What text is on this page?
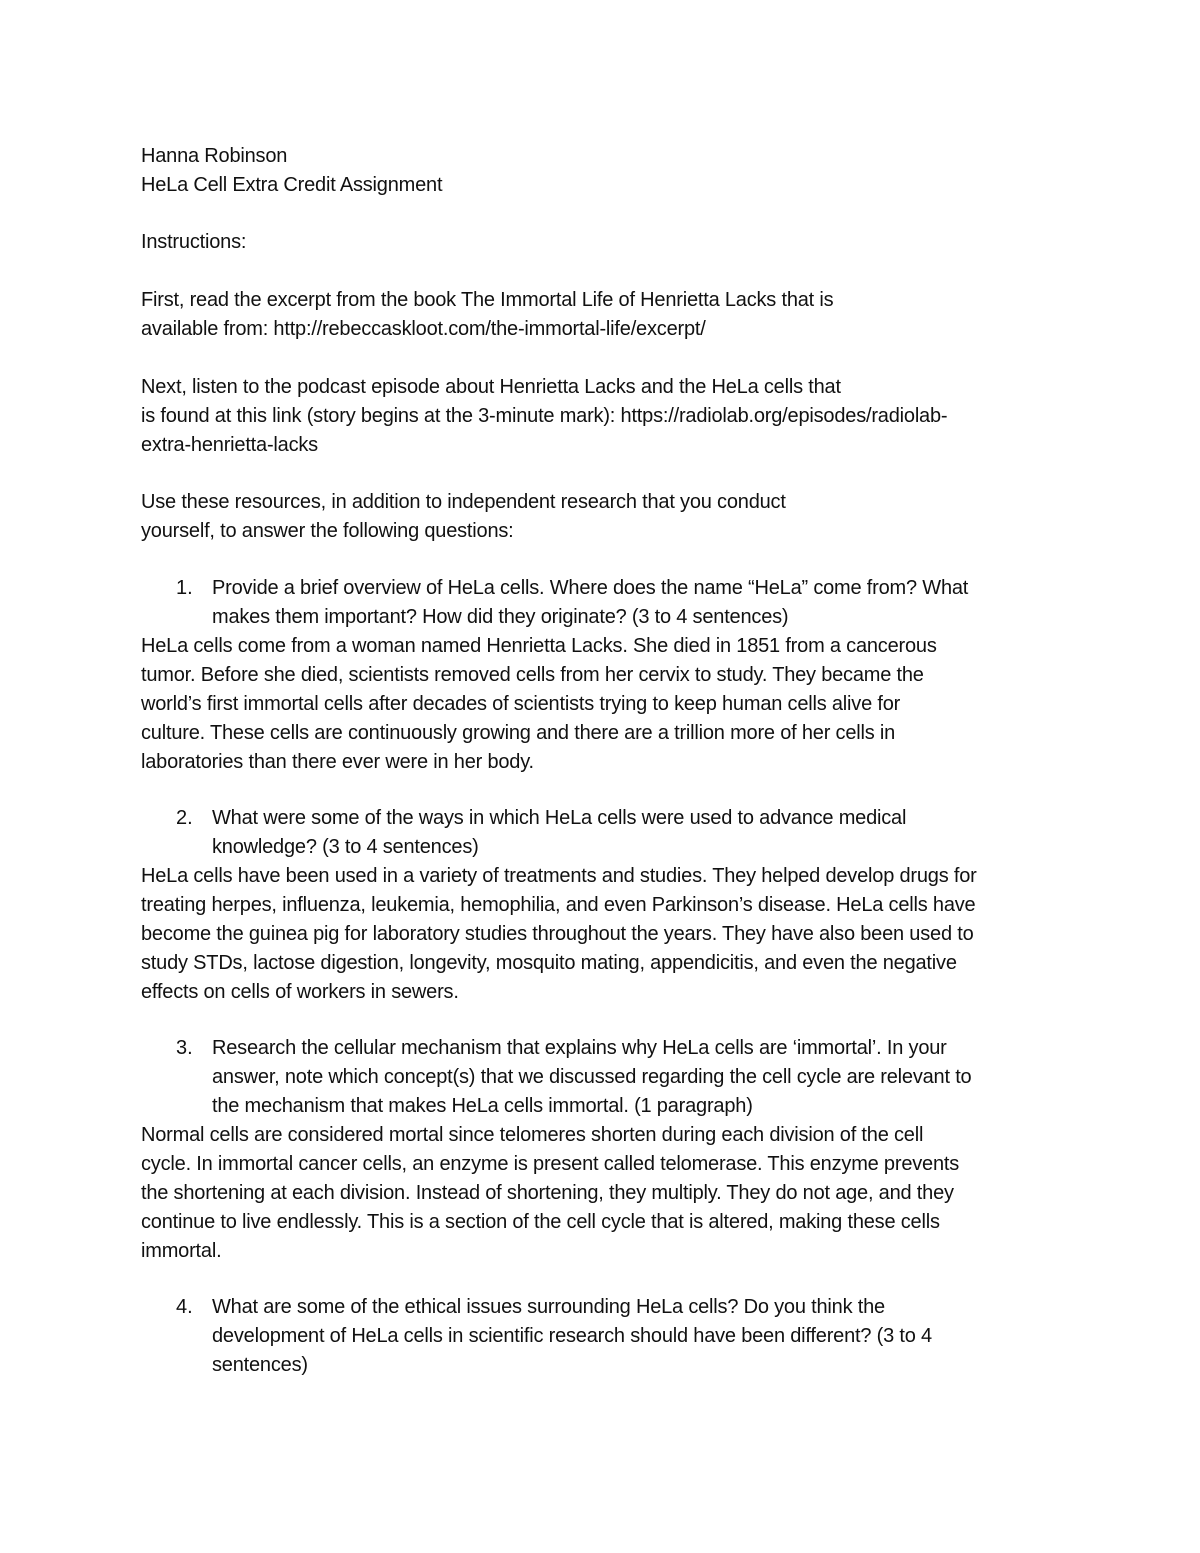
Hanna Robinson
HeLa Cell Extra Credit Assignment
Instructions:
First, read the excerpt from the book The Immortal Life of Henrietta Lacks that is
available from: http://rebeccaskloot.com/the-immortal-life/excerpt/
Next, listen to the podcast episode about Henrietta Lacks and the HeLa cells that
is found at this link (story begins at the 3-minute mark): https://radiolab.org/episodes/radiolab-
extra-henrietta-lacks
Use these resources, in addition to independent research that you conduct
yourself, to answer the following questions:
1. Provide a brief overview of HeLa cells. Where does the name “HeLa” come from? What
makes them important? How did they originate? (3 to 4 sentences)
HeLa cells come from a woman named Henrietta Lacks. She died in 1851 from a cancerous
tumor. Before she died, scientists removed cells from her cervix to study. They became the
world’s first immortal cells after decades of scientists trying to keep human cells alive for
culture. These cells are continuously growing and there are a trillion more of her cells in
laboratories than there ever were in her body.
2. What were some of the ways in which HeLa cells were used to advance medical
knowledge? (3 to 4 sentences)
HeLa cells have been used in a variety of treatments and studies. They helped develop drugs for
treating herpes, influenza, leukemia, hemophilia, and even Parkinson’s disease. HeLa cells have
become the guinea pig for laboratory studies throughout the years. They have also been used to
study STDs, lactose digestion, longevity, mosquito mating, appendicitis, and even the negative
effects on cells of workers in sewers.
3. Research the cellular mechanism that explains why HeLa cells are ‘immortal’. In your
answer, note which concept(s) that we discussed regarding the cell cycle are relevant to
the mechanism that makes HeLa cells immortal. (1 paragraph)
Normal cells are considered mortal since telomeres shorten during each division of the cell
cycle. In immortal cancer cells, an enzyme is present called telomerase. This enzyme prevents
the shortening at each division. Instead of shortening, they multiply. They do not age, and they
continue to live endlessly. This is a section of the cell cycle that is altered, making these cells
immortal.
4. What are some of the ethical issues surrounding HeLa cells? Do you think the
development of HeLa cells in scientific research should have been different? (3 to 4
sentences)
